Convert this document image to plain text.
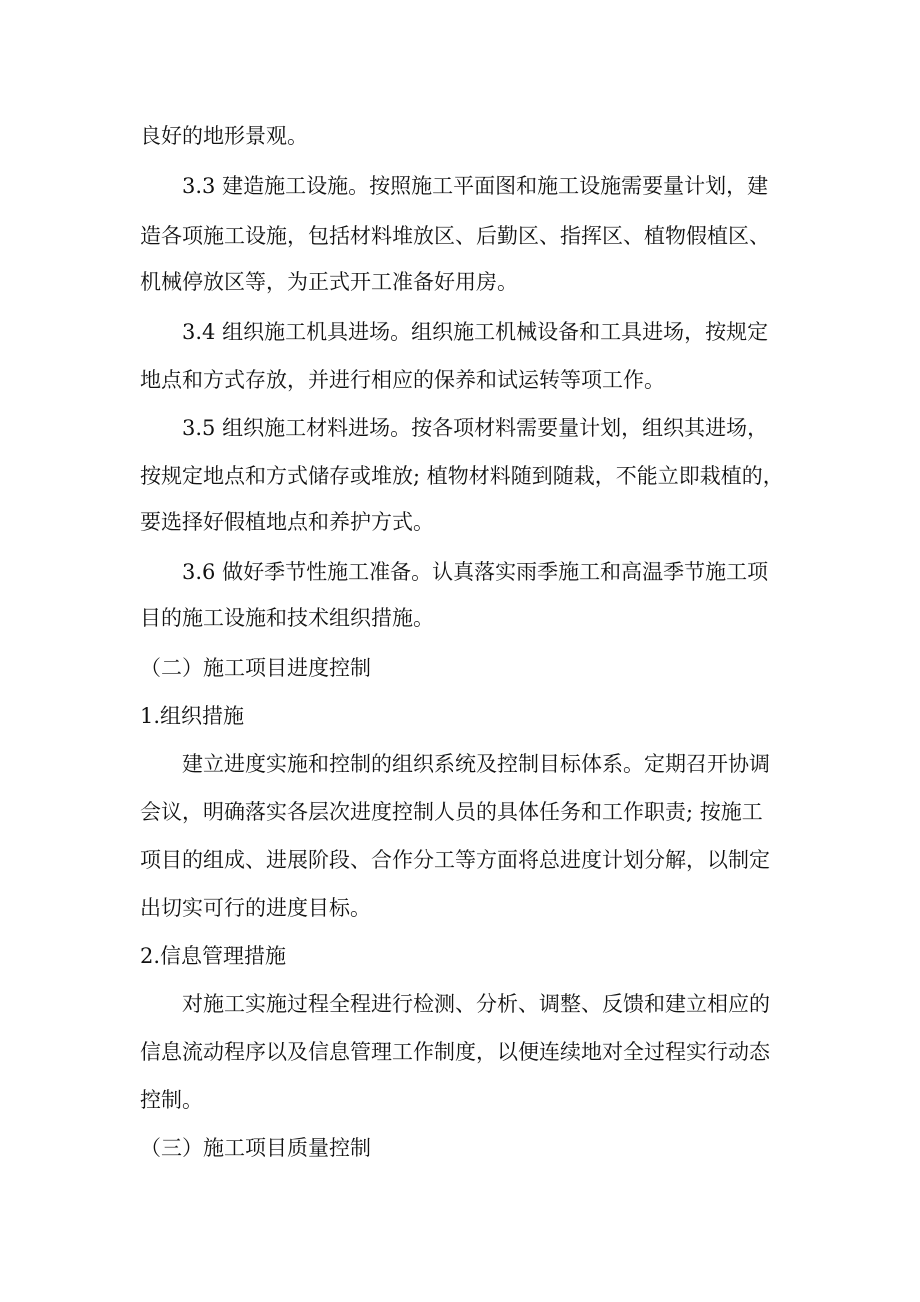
良好的地形景观。
3.3 建造施工设施。按照施工平面图和施工设施需要量计划，建
造各项施工设施，包括材料堆放区、后勤区、指挥区、植物假植区、
机械停放区等，为正式开工准备好用房。
3.4 组织施工机具进场。组织施工机械设备和工具进场，按规定
地点和方式存放，并进行相应的保养和试运转等项工作。
3.5 组织施工材料进场。按各项材料需要量计划，组织其进场，
按规定地点和方式储存或堆放; 植物材料随到随栽，不能立即栽植的，
要选择好假植地点和养护方式。
3.6 做好季节性施工准备。认真落实雨季施工和高温季节施工项
目的施工设施和技术组织措施。
（二）施工项目进度控制
1.组织措施
建立进度实施和控制的组织系统及控制目标体系。定期召开协调
会议，明确落实各层次进度控制人员的具体任务和工作职责; 按施工
项目的组成、进展阶段、合作分工等方面将总进度计划分解，以制定
出切实可行的进度目标。
2.信息管理措施
对施工实施过程全程进行检测、分析、调整、反馈和建立相应的
信息流动程序以及信息管理工作制度，以便连续地对全过程实行动态
控制。
（三）施工项目质量控制
